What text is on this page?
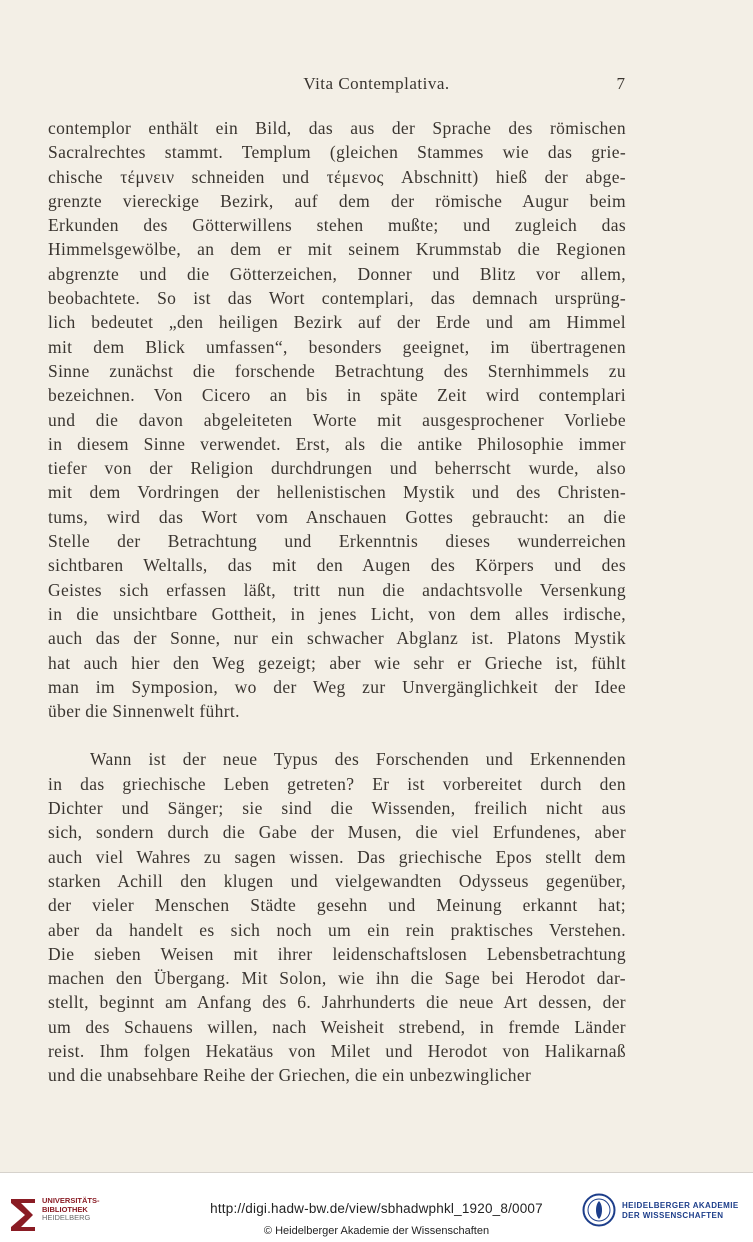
Vita Contemplativa.	7
contemplor enthält ein Bild, das aus der Sprache des römischen
Sacralrechtes stammt. Templum (gleichen Stammes wie das grie-
chische τέμνειν schneiden und τέμενος Abschnitt) hieß der abge-
grenzte viereckige Bezirk, auf dem der römische Augur beim
Erkunden des Götterwillens stehen mußte; und zugleich das
Himmelsgewölbe, an dem er mit seinem Krummstab die Regionen
abgrenzte und die Götterzeichen, Donner und Blitz vor allem,
beobachtete. So ist das Wort contemplari, das demnach ursprüng-
lich bedeutet „den heiligen Bezirk auf der Erde und am Himmel
mit dem Blick umfassen“, besonders geeignet, im übertragenen
Sinne zunächst die forschende Betrachtung des Sternhimmels zu
bezeichnen. Von Cicero an bis in späte Zeit wird contemplari
und die davon abgeleiteten Worte mit ausgesprochener Vorliebe
in diesem Sinne verwendet. Erst, als die antike Philosophie immer
tiefer von der Religion durchdrungen und beherrscht wurde, also
mit dem Vordringen der hellenistischen Mystik und des Christen-
tums, wird das Wort vom Anschauen Gottes gebraucht: an die
Stelle der Betrachtung und Erkenntnis dieses wunderreichen
sichtbaren Weltalls, das mit den Augen des Körpers und des
Geistes sich erfassen läßt, tritt nun die andachtsvolle Versenkung
in die unsichtbare Gottheit, in jenes Licht, von dem alles irdische,
auch das der Sonne, nur ein schwacher Abglanz ist. Platons Mystik
hat auch hier den Weg gezeigt; aber wie sehr er Grieche ist, fühlt
man im Symposion, wo der Weg zur Unvergänglichkeit der Idee
über die Sinnenwelt führt.
Wann ist der neue Typus des Forschenden und Erkennenden
in das griechische Leben getreten? Er ist vorbereitet durch den
Dichter und Sänger; sie sind die Wissenden, freilich nicht aus
sich, sondern durch die Gabe der Musen, die viel Erfundenes, aber
auch viel Wahres zu sagen wissen. Das griechische Epos stellt dem
starken Achill den klugen und vielgewandten Odysseus gegenüber,
der vieler Menschen Städte gesehn und Meinung erkannt hat;
aber da handelt es sich noch um ein rein praktisches Verstehen.
Die sieben Weisen mit ihrer leidenschaftslosen Lebensbetrachtung
machen den Übergang. Mit Solon, wie ihn die Sage bei Herodot dar-
stellt, beginnt am Anfang des 6. Jahrhunderts die neue Art dessen, der
um des Schauens willen, nach Weisheit strebend, in fremde Länder
reist. Ihm folgen Hekatäus von Milet und Herodot von Halikarnaß
und die unabsehbare Reihe der Griechen, die ein unbezwinglicher
UNIVERSITÄTS-
BIBLIOTHEK
HEIDELBERG
http://digi.hadw-bw.de/view/sbhadwphkl_1920_8/0007
© Heidelberger Akademie der Wissenschaften
HEIDELBERGER AKADEMIE
DER WISSENSCHAFTEN
